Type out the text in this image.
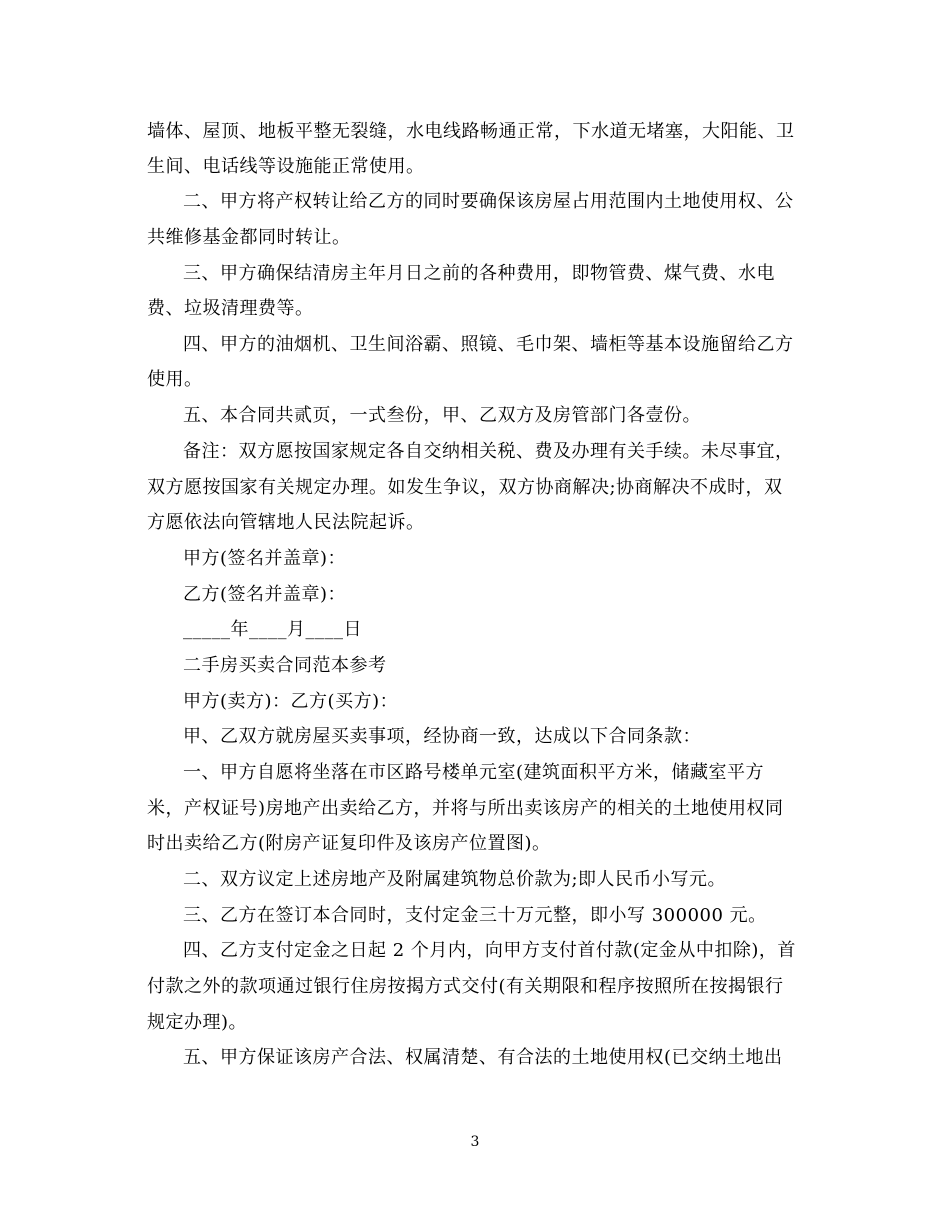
墙体、屋顶、地板平整无裂缝，水电线路畅通正常，下水道无堵塞，大阳能、卫
生间、电话线等设施能正常使用。
二、甲方将产权转让给乙方的同时要确保该房屋占用范围内土地使用权、公
共维修基金都同时转让。
三、甲方确保结清房主年月日之前的各种费用，即物管费、煤气费、水电
费、垃圾清理费等。
四、甲方的油烟机、卫生间浴霸、照镜、毛巾架、墙柜等基本设施留给乙方
使用。
五、本合同共贰页，一式叁份，甲、乙双方及房管部门各壹份。
备注：双方愿按国家规定各自交纳相关税、费及办理有关手续。未尽事宜，
双方愿按国家有关规定办理。如发生争议，双方协商解决;协商解决不成时，双
方愿依法向管辖地人民法院起诉。
甲方(签名并盖章)：
乙方(签名并盖章)：
_____年____月____日
二手房买卖合同范本参考
甲方(卖方)：乙方(买方)：
甲、乙双方就房屋买卖事项，经协商一致，达成以下合同条款：
一、甲方自愿将坐落在市区路号楼单元室(建筑面积平方米，储藏室平方
米，产权证号)房地产出卖给乙方，并将与所出卖该房产的相关的土地使用权同
时出卖给乙方(附房产证复印件及该房产位置图)。
二、双方议定上述房地产及附属建筑物总价款为;即人民币小写元。
三、乙方在签订本合同时，支付定金三十万元整，即小写 300000 元。
四、乙方支付定金之日起 2 个月内，向甲方支付首付款(定金从中扣除)，首
付款之外的款项通过银行住房按揭方式交付(有关期限和程序按照所在按揭银行
规定办理)。
五、甲方保证该房产合法、权属清楚、有合法的土地使用权(已交纳土地出
3
